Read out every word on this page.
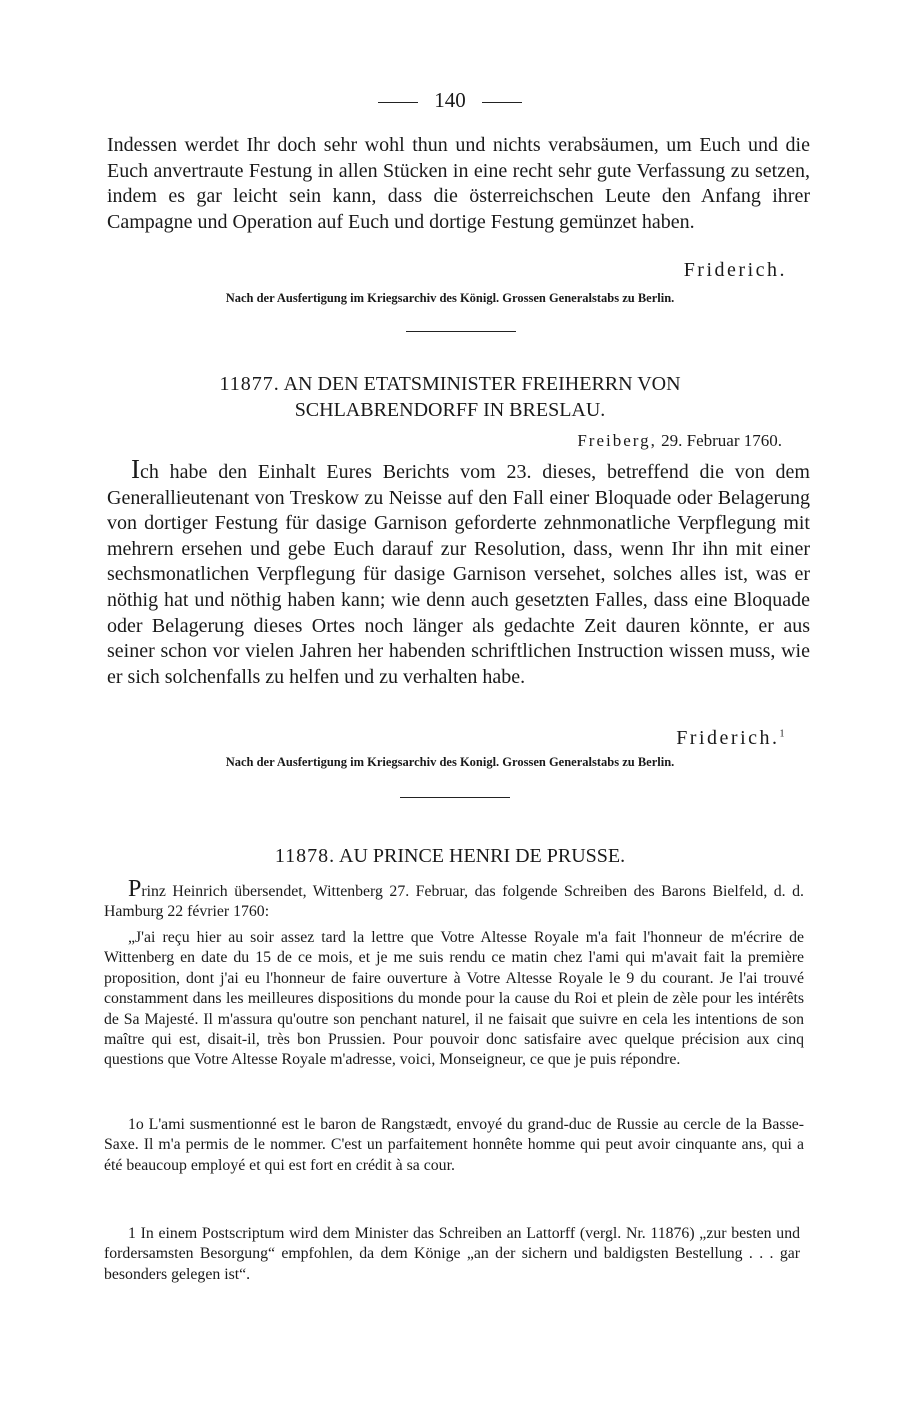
140
Indessen werdet Ihr doch sehr wohl thun und nichts verabsäumen, um Euch und die Euch anvertraute Festung in allen Stücken in eine recht sehr gute Verfassung zu setzen, indem es gar leicht sein kann, dass die österreichschen Leute den Anfang ihrer Campagne und Operation auf Euch und dortige Festung gemünzet haben.
Friderich.
Nach der Ausfertigung im Kriegsarchiv des Königl. Grossen Generalstabs zu Berlin.
11877. AN DEN ETATSMINISTER FREIHERRN VON
SCHLABRENDORFF IN BRESLAU.
Freiberg, 29. Februar 1760.
Ich habe den Einhalt Eures Berichts vom 23. dieses, betreffend die von dem Generallieutenant von Treskow zu Neisse auf den Fall einer Bloquade oder Belagerung von dortiger Festung für dasige Garnison geforderte zehnmonatliche Verpflegung mit mehrern ersehen und gebe Euch darauf zur Resolution, dass, wenn Ihr ihn mit einer sechsmonatlichen Verpflegung für dasige Garnison versehet, solches alles ist, was er nöthig hat und nöthig haben kann; wie denn auch gesetzten Falles, dass eine Bloquade oder Belagerung dieses Ortes noch länger als gedachte Zeit dauren könnte, er aus seiner schon vor vielen Jahren her habenden schriftlichen Instruction wissen muss, wie er sich solchenfalls zu helfen und zu verhalten habe.
Friderich.$^1$
Nach der Ausfertigung im Kriegsarchiv des Konigl. Grossen Generalstabs zu Berlin.
11878. AU PRINCE HENRI DE PRUSSE.
Prinz Heinrich übersendet, Wittenberg 27. Februar, das folgende Schreiben des Barons Bielfeld, d. d. Hamburg 22 février 1760:
„J'ai reçu hier au soir assez tard la lettre que Votre Altesse Royale m'a fait l'honneur de m'écrire de Wittenberg en date du 15 de ce mois, et je me suis rendu ce matin chez l'ami qui m'avait fait la première proposition, dont j'ai eu l'honneur de faire ouverture à Votre Altesse Royale le 9 du courant. Je l'ai trouvé constamment dans les meilleures dispositions du monde pour la cause du Roi et plein de zèle pour les intérêts de Sa Majesté. Il m'assura qu'outre son penchant naturel, il ne faisait que suivre en cela les intentions de son maître qui est, disait-il, très bon Prussien. Pour pouvoir donc satisfaire avec quelque précision aux cinq questions que Votre Altesse Royale m'adresse, voici, Monseigneur, ce que je puis répondre.
1o L'ami susmentionné est le baron de Rangstædt, envoyé du grand-duc de Russie au cercle de la Basse-Saxe. Il m'a permis de le nommer. C'est un parfaitement honnête homme qui peut avoir cinquante ans, qui a été beaucoup employé et qui est fort en crédit à sa cour.
1 In einem Postscriptum wird dem Minister das Schreiben an Lattorff (vergl. Nr. 11876) „zur besten und fordersamsten Besorgung“ empfohlen, da dem Könige „an der sichern und baldigsten Bestellung . . . gar besonders gelegen ist“.
